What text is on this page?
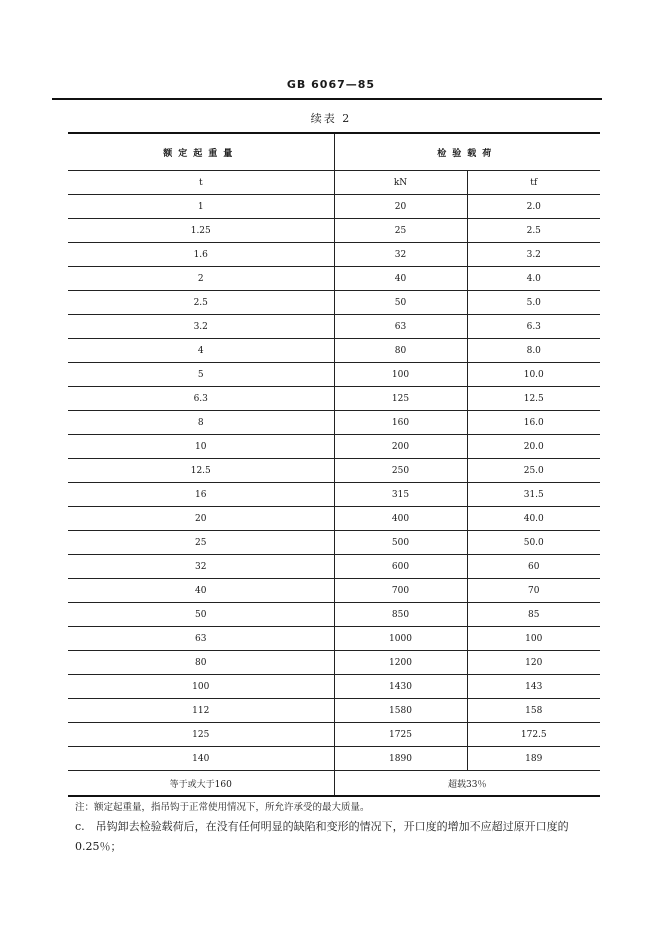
GB 6067—85
续表 2
额定起重量	检验载荷	
t	kN	tf
1	20	2.0
1.25	25	2.5
1.6	32	3.2
2	40	4.0
2.5	50	5.0
3.2	63	6.3
4	80	8.0
5	100	10.0
6.3	125	12.5
8	160	16.0
10	200	20.0
12.5	250	25.0
16	315	31.5
20	400	40.0
25	500	50.0
32	600	60
40	700	70
50	850	85
63	1000	100
80	1200	120
100	1430	143
112	1580	158
125	1725	172.5
140	1890	189
等于或大于160	超载33％	
注：额定起重量，指吊钩于正常使用情况下，所允许承受的最大质量。
c.　吊钩卸去检验载荷后，在没有任何明显的缺陷和变形的情况下，开口度的增加不应超过原开口度的0.25％；
